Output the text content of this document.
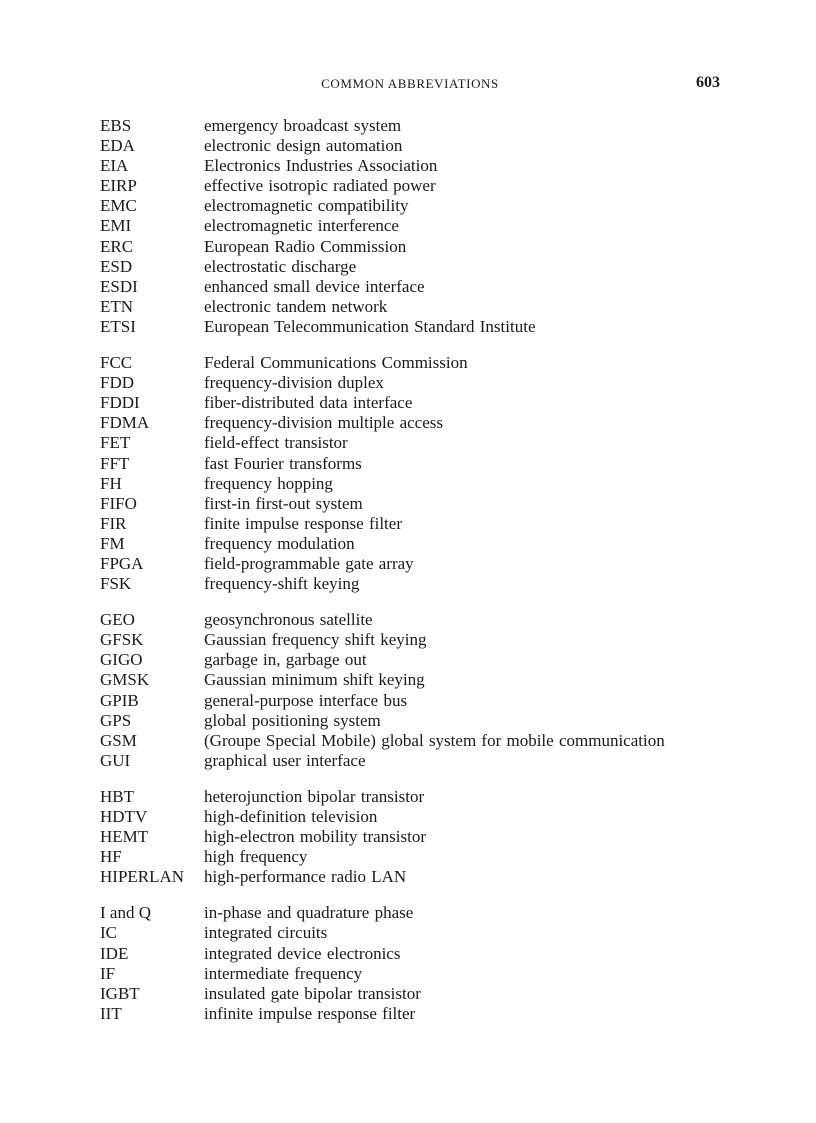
COMMON ABBREVIATIONS	603
EBS	emergency broadcast system
EDA	electronic design automation
EIA	Electronics Industries Association
EIRP	effective isotropic radiated power
EMC	electromagnetic compatibility
EMI	electromagnetic interference
ERC	European Radio Commission
ESD	electrostatic discharge
ESDI	enhanced small device interface
ETN	electronic tandem network
ETSI	European Telecommunication Standard Institute
FCC	Federal Communications Commission
FDD	frequency-division duplex
FDDI	fiber-distributed data interface
FDMA	frequency-division multiple access
FET	field-effect transistor
FFT	fast Fourier transforms
FH	frequency hopping
FIFO	first-in first-out system
FIR	finite impulse response filter
FM	frequency modulation
FPGA	field-programmable gate array
FSK	frequency-shift keying
GEO	geosynchronous satellite
GFSK	Gaussian frequency shift keying
GIGO	garbage in, garbage out
GMSK	Gaussian minimum shift keying
GPIB	general-purpose interface bus
GPS	global positioning system
GSM	(Groupe Special Mobile) global system for mobile communication
GUI	graphical user interface
HBT	heterojunction bipolar transistor
HDTV	high-definition television
HEMT	high-electron mobility transistor
HF	high frequency
HIPERLAN	high-performance radio LAN
I and Q	in-phase and quadrature phase
IC	integrated circuits
IDE	integrated device electronics
IF	intermediate frequency
IGBT	insulated gate bipolar transistor
IIT	infinite impulse response filter
